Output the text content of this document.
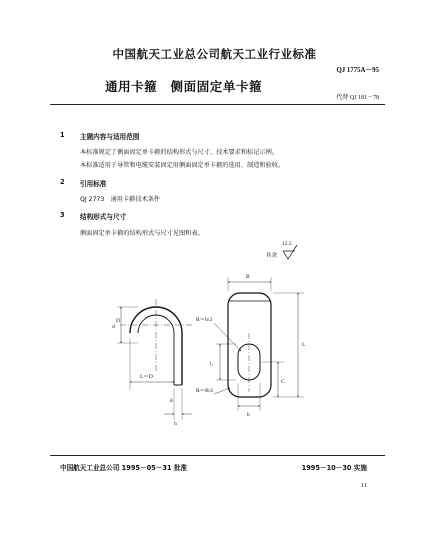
中国航天工业总公司航天工业行业标准
QJ 1775A－95
通用卡箍　侧面固定单卡箍
代替 QJ 181－78
1 主题内容与适用范围
本标准规定了侧面固定单卡箍的结构形式与尺寸、技术要求和标记示例。
本标准适用于导管和电缆安装固定用侧面固定单卡箍的选用、制造和验收。
2 引用标准
QJ 2773　通用卡箍技术条件
3 结构形式与尺寸
侧面固定单卡箍的结构形式与尺寸见图和表。
12.5
其余
d
D
L＝D
δ
h
B
R＝b/2
R＝B/2
L
C
l₁
b
中国航天工业总公司 1995－05－31 批准	1995－10－30 实施
11
